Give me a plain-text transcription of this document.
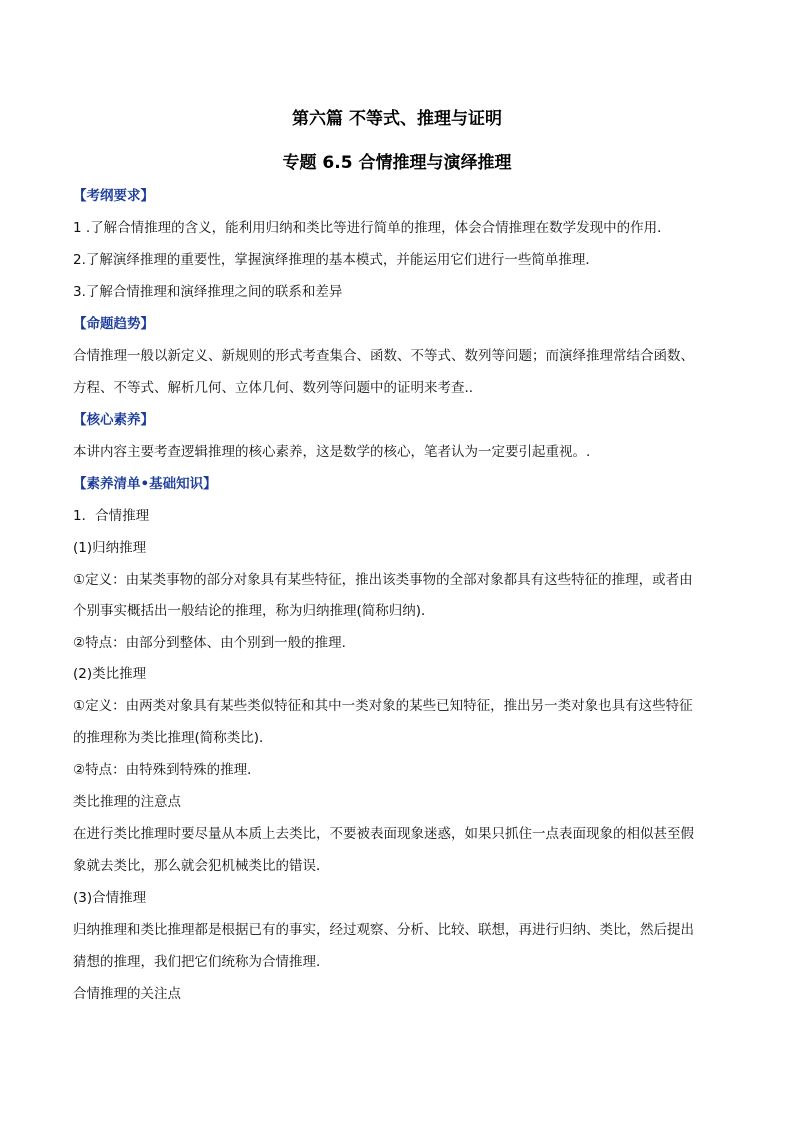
第六篇 不等式、推理与证明
专题 6.5 合情推理与演绎推理
【考纲要求】
1 .了解合情推理的含义，能利用归纳和类比等进行简单的推理，体会合情推理在数学发现中的作用．
2.了解演绎推理的重要性，掌握演绎推理的基本模式，并能运用它们进行一些简单推理．
3.了解合情推理和演绎推理之间的联系和差异
【命题趋势】
合情推理一般以新定义、新规则的形式考查集合、函数、不等式、数列等问题；而演绎推理常结合函数、
方程、不等式、解析几何、立体几何、数列等问题中的证明来考查..
【核心素养】
本讲内容主要考查逻辑推理的核心素养，这是数学的核心，笔者认为一定要引起重视。.
【素养清单•基础知识】
1．合情推理
(1)归纳推理
①定义：由某类事物的部分对象具有某些特征，推出该类事物的全部对象都具有这些特征的推理，或者由
个别事实概括出一般结论的推理，称为归纳推理(简称归纳)．
②特点：由部分到整体、由个别到一般的推理．
(2)类比推理
①定义：由两类对象具有某些类似特征和其中一类对象的某些已知特征，推出另一类对象也具有这些特征
的推理称为类比推理(简称类比)．
②特点：由特殊到特殊的推理．
类比推理的注意点
在进行类比推理时要尽量从本质上去类比，不要被表面现象迷惑，如果只抓住一点表面现象的相似甚至假
象就去类比，那么就会犯机械类比的错误．
(3)合情推理
归纳推理和类比推理都是根据已有的事实，经过观察、分析、比较、联想，再进行归纳、类比，然后提出
猜想的推理，我们把它们统称为合情推理．
合情推理的关注点
